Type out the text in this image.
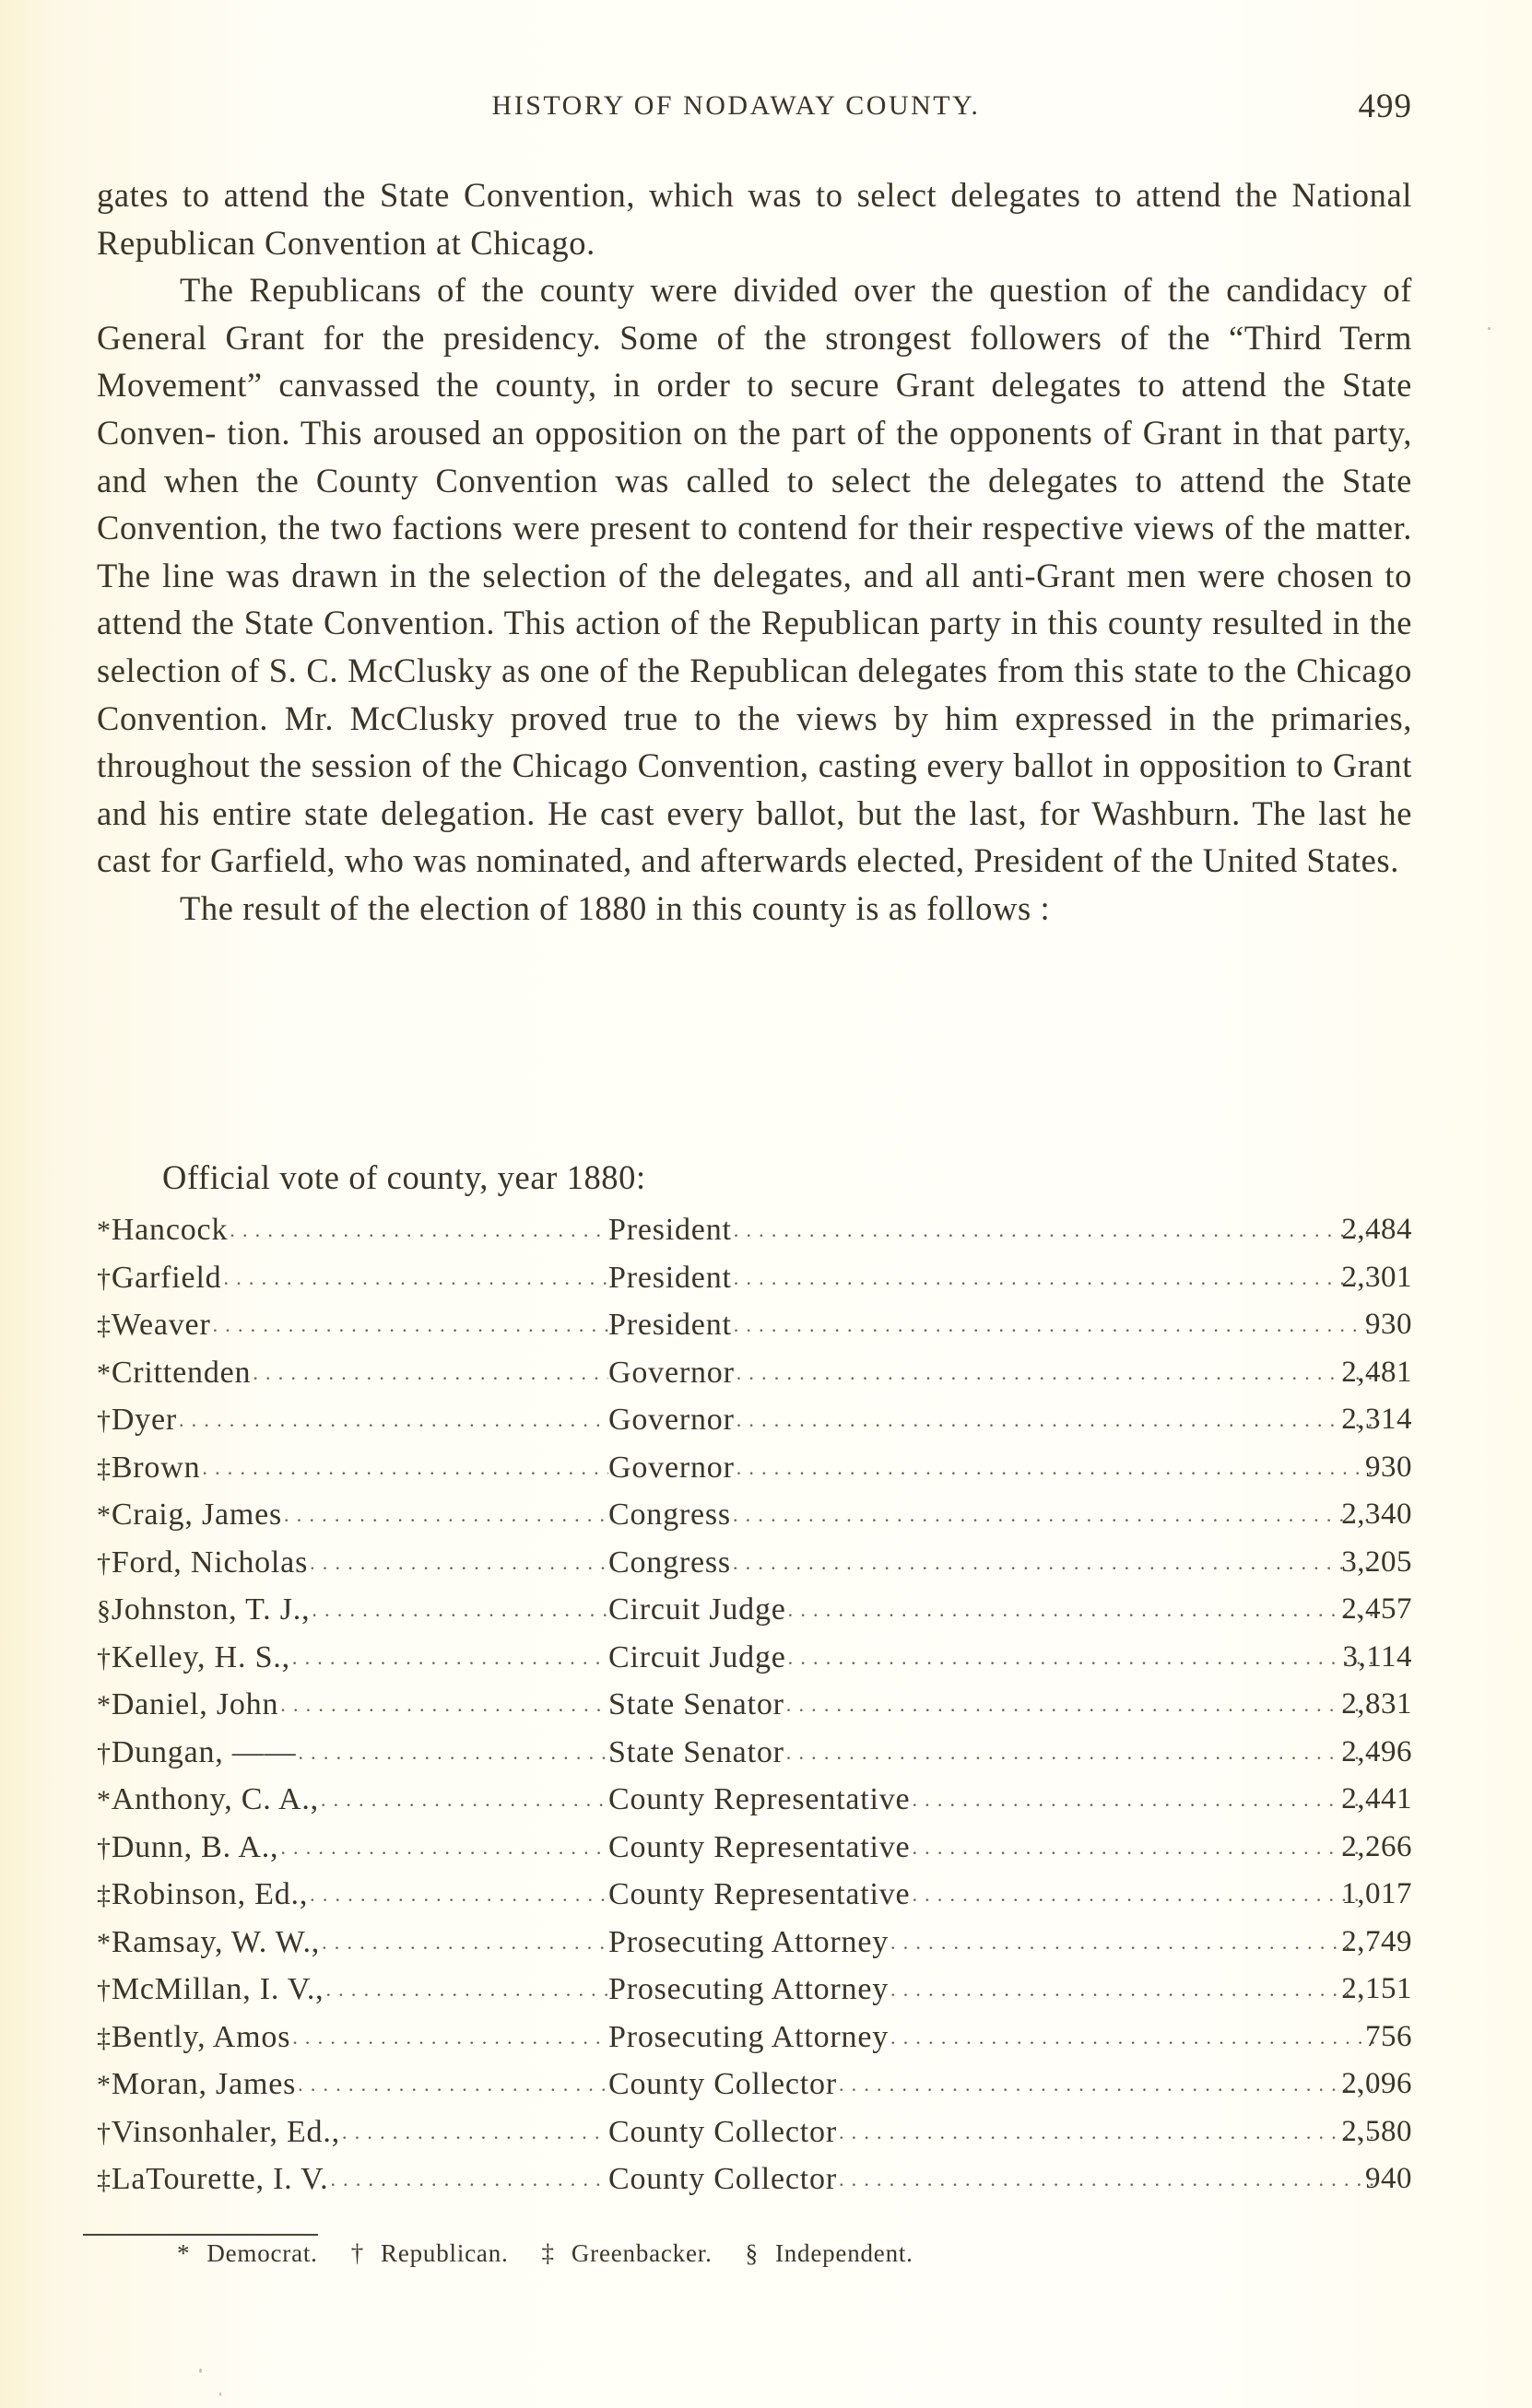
HISTORY OF NODAWAY COUNTY.	499

gates to attend the State Convention, which was to select delegates to attend the National Republican Convention at Chicago.

The Republicans of the county were divided over the question of the candidacy of General Grant for the presidency. Some of the strongest followers of the “Third Term Movement” canvassed the county, in order to secure Grant delegates to attend the State Conven- tion. This aroused an opposition on the part of the opponents of Grant in that party, and when the County Convention was called to select the delegates to attend the State Convention, the two factions were present to contend for their respective views of the matter. The line was drawn in the selection of the delegates, and all anti-Grant men were chosen to attend the State Convention. This action of the Republican party in this county resulted in the selection of S. C. McClusky as one of the Republican delegates from this state to the Chicago Convention. Mr. McClusky proved true to the views by him expressed in the primaries, throughout the session of the Chicago Convention, casting every ballot in opposition to Grant and his entire state delegation. He cast every ballot, but the last, for Washburn. The last he cast for Garfield, who was nominated, and afterwards elected, President of the United States.

The result of the election of 1880 in this county is as follows :

Official vote of county, year 1880:
*Hancock .....	President .....	2,484
†Garfield .....	President .....	2,301
‡Weaver .....	President .....	930
*Crittenden .....	Governor .....	2,481
†Dyer .....	Governor .....	2,314
‡Brown .....	Governor .....	930
*Craig, James .....	Congress .....	2,340
†Ford, Nicholas .....	Congress .....	3,205
§Johnston, T. J., .....	Circuit Judge .....	2,457
†Kelley, H. S., .....	Circuit Judge .....	3,114
*Daniel, John .....	State Senator .....	2,831
†Dungan, —— .....	State Senator .....	2,496
*Anthony, C. A., .....	County Representative .....	2,441
†Dunn, B. A., .....	County Representative .....	2,266
‡Robinson, Ed., .....	County Representative .....	1,017
*Ramsay, W. W., .....	Prosecuting Attorney .....	2,749
†McMillan, I. V., .....	Prosecuting Attorney .....	2,151
‡Bently, Amos .....	Prosecuting Attorney .....	756
*Moran, James .....	County Collector .....	2,096
†Vinsonhaler, Ed., .....	County Collector .....	2,580
‡LaTourette, I. V. .....	County Collector .....	940
* Democrat. † Republican. ‡ Greenbacker. § Independent.
